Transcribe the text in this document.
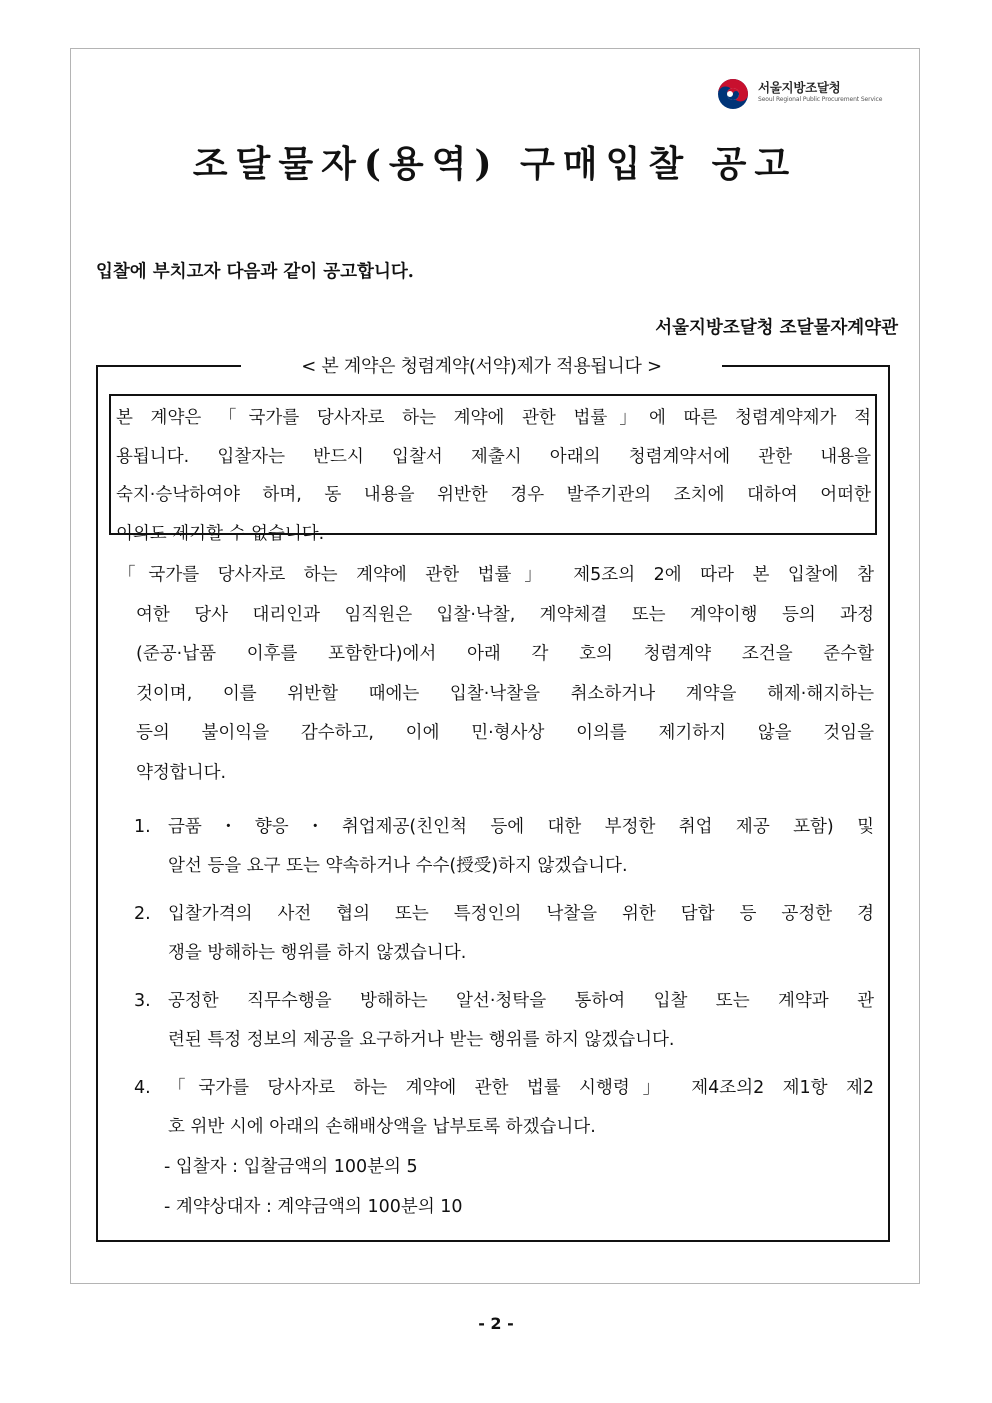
서울지방조달청
Seoul Regional Public Procurement Service
조달물자(용역) 구매입찰 공고
입찰에 부치고자 다음과 같이 공고합니다.
서울지방조달청 조달물자계약관
< 본 계약은 청렴계약(서약)제가 적용됩니다 >
본 계약은 「국가를 당사자로 하는 계약에 관한 법률」에 따른 청렴계약제가 적
용됩니다. 입찰자는 반드시 입찰서 제출시 아래의 청렴계약서에 관한 내용을
숙지·승낙하여야 하며, 동 내용을 위반한 경우 발주기관의 조치에 대하여 어떠한
이의도 제기할 수 없습니다.
「국가를 당사자로 하는 계약에 관한 법률」 제5조의 2에 따라 본 입찰에 참
여한 당사 대리인과 임직원은 입찰·낙찰, 계약체결 또는 계약이행 등의 과정
(준공·납품 이후를 포함한다)에서 아래 각 호의 청렴계약 조건을 준수할
것이며, 이를 위반할 때에는 입찰·낙찰을 취소하거나 계약을 해제·해지하는
등의 불이익을 감수하고, 이에 민·형사상 이의를 제기하지 않을 것임을
약정합니다.
1. 금품・향응・취업제공(친인척 등에 대한 부정한 취업 제공 포함) 및
알선 등을 요구 또는 약속하거나 수수(授受)하지 않겠습니다.
2. 입찰가격의 사전 협의 또는 특정인의 낙찰을 위한 담합 등 공정한 경
쟁을 방해하는 행위를 하지 않겠습니다.
3. 공정한 직무수행을 방해하는 알선·청탁을 통하여 입찰 또는 계약과 관
련된 특정 정보의 제공을 요구하거나 받는 행위를 하지 않겠습니다.
4. 「국가를 당사자로 하는 계약에 관한 법률 시행령」 제4조의2 제1항 제2
호 위반 시에 아래의 손해배상액을 납부토록 하겠습니다.
- 입찰자 : 입찰금액의 100분의 5
- 계약상대자 : 계약금액의 100분의 10
- 2 -
